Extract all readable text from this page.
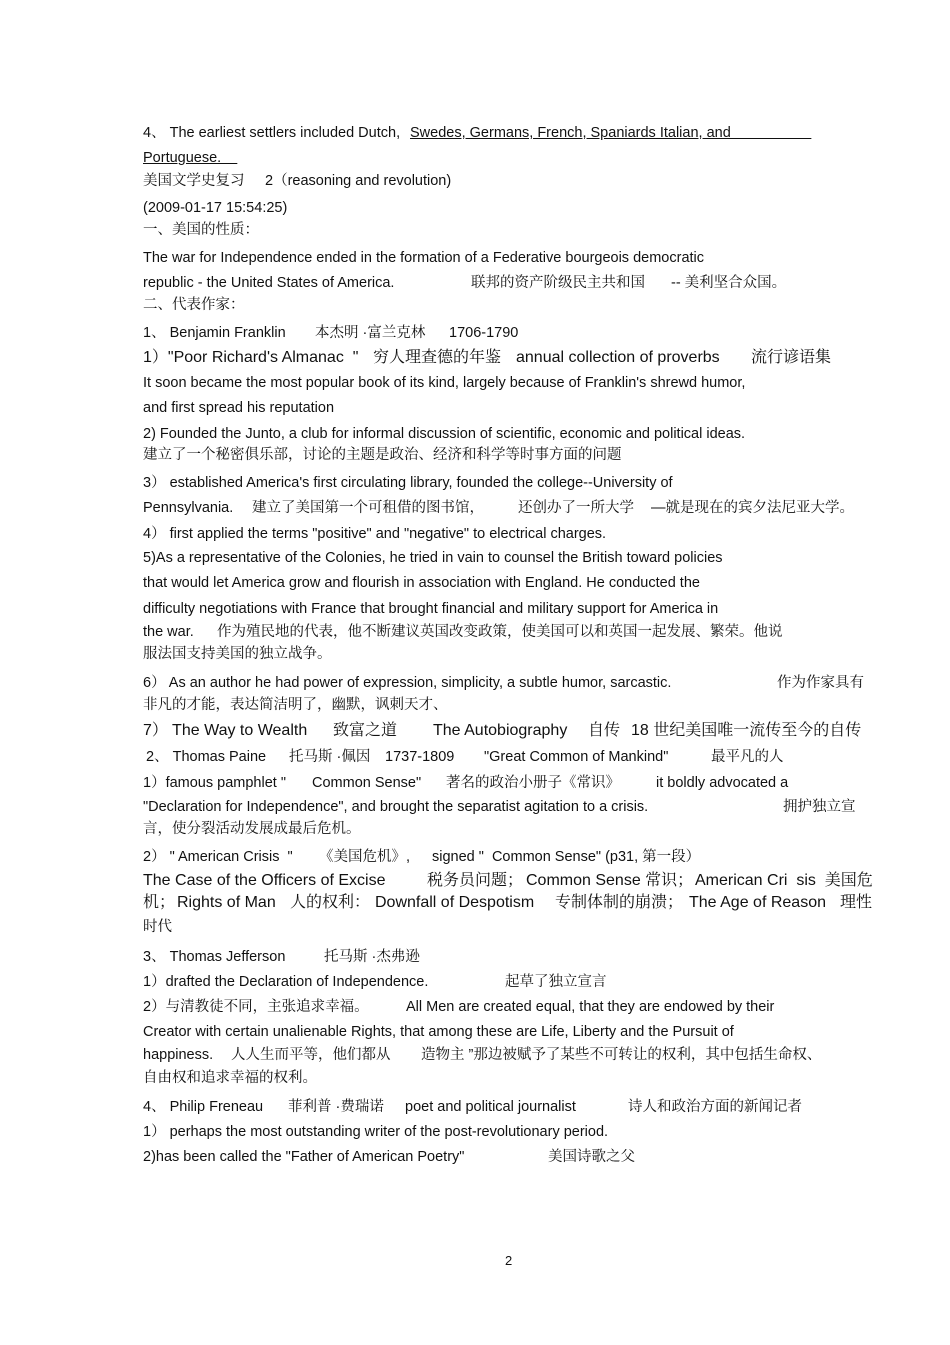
4、 The earliest settlers included Dutch, Swedes, Germans, French, Spaniards Italian, and
Portuguese.
美国文学史复习 2（reasoning and revolution)
(2009-01-17 15:54:25)
一、美国的性质：
The war for Independence ended in the formation of a Federative bourgeois democratic
republic - the United States of America.	联邦的资产阶级民主共和国 -- 美利坚合众国。
二、代表作家：
1、 Benjamin Franklin 本杰明 ·富兰克林 1706-1790
1）"Poor Richard's Almanac  " 穷人理查德的年鉴 annual collection of proverbs 流行谚语集
It soon became the most popular book of its kind, largely because of Franklin's shrewd humor,
and first spread his reputation
2) Founded the Junto, a club for informal discussion of scientific, economic and political ideas.
建立了一个秘密俱乐部，讨论的主题是政治、经济和科学等时事方面的问题
3） established America's first circulating library, founded the college--University of
Pennsylvania. 建立了美国第一个可租借的图书馆， 还创办了一所大学 —就是现在的宾夕法尼亚大学。
4） first applied the terms "positive" and "negative" to electrical charges.
5)As a representative of the Colonies, he tried in vain to counsel the British toward policies
that would let America grow and flourish in association with England. He conducted the
difficulty negotiations with France that brought financial and military support for America in
the war. 作为殖民地的代表，他不断建议英国改变政策，使美国可以和英国一起发展、繁荣。他说
服法国支持美国的独立战争。
6） As an author he had power of expression, simplicity, a subtle humor, sarcastic.	作为作家具有
非凡的才能，表达简洁明了，幽默，讽刺天才、
7） The Way to Wealth 致富之道 The Autobiography 自传 18 世纪美国唯一流传至今的自传
2、 Thomas Paine 托马斯 ·佩因 1737-1809 "Great Common of Mankind"	最平凡的人
1）famous pamphlet " Common Sense" 著名的政治小册子《常识》 it boldly advocated a
"Declaration for Independence", and brought the separatist agitation to a crisis.	拥护独立宣
言，使分裂活动发展成最后危机。
2） " American Crisis  " 《美国危机》, signed "  Common Sense" (p31, 第一段）
The Case of the Officers of Excise	税务员问题； Common Sense 常识； American Cri  sis  美国危
机； Rights of Man 人的权利： Downfall of Despotism 专制体制的崩溃； The Age of Reason 理性
时代
3、 Thomas Jefferson	托马斯 ·杰弗逊
1）drafted the Declaration of Independence.	起草了独立宣言
2）与清教徒不同，主张追求幸福。	All Men are created equal, that they are endowed by their
Creator with certain unalienable Rights, that among these are Life, Liberty and the Pursuit of
happiness. 人人生而平等，他们都从 造物主 ”那边被赋予了某些不可转让的权利，其中包括生命权、
自由权和追求幸福的权利。
4、 Philip Freneau 菲利普 ·费瑞诺 poet and political journalist	诗人和政治方面的新闻记者
1） perhaps the most outstanding writer of the post-revolutionary period.
2)has been called the "Father of American Poetry"	美国诗歌之父
2
